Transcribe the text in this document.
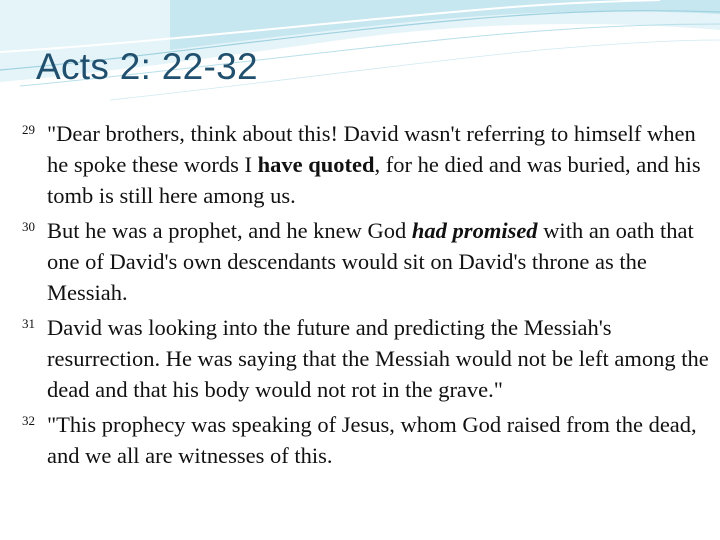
Acts 2: 22-32

29 "Dear brothers, think about this! David wasn't referring to himself when he spoke these words I have quoted, for he died and was buried, and his tomb is still here among us.

30 But he was a prophet, and he knew God had promised with an oath that one of David's own descendants would sit on David's throne as the Messiah.

31 David was looking into the future and predicting the Messiah's resurrection. He was saying that the Messiah would not be left among the dead and that his body would not rot in the grave."

32 "This prophecy was speaking of Jesus, whom God raised from the dead, and we all are witnesses of this.
